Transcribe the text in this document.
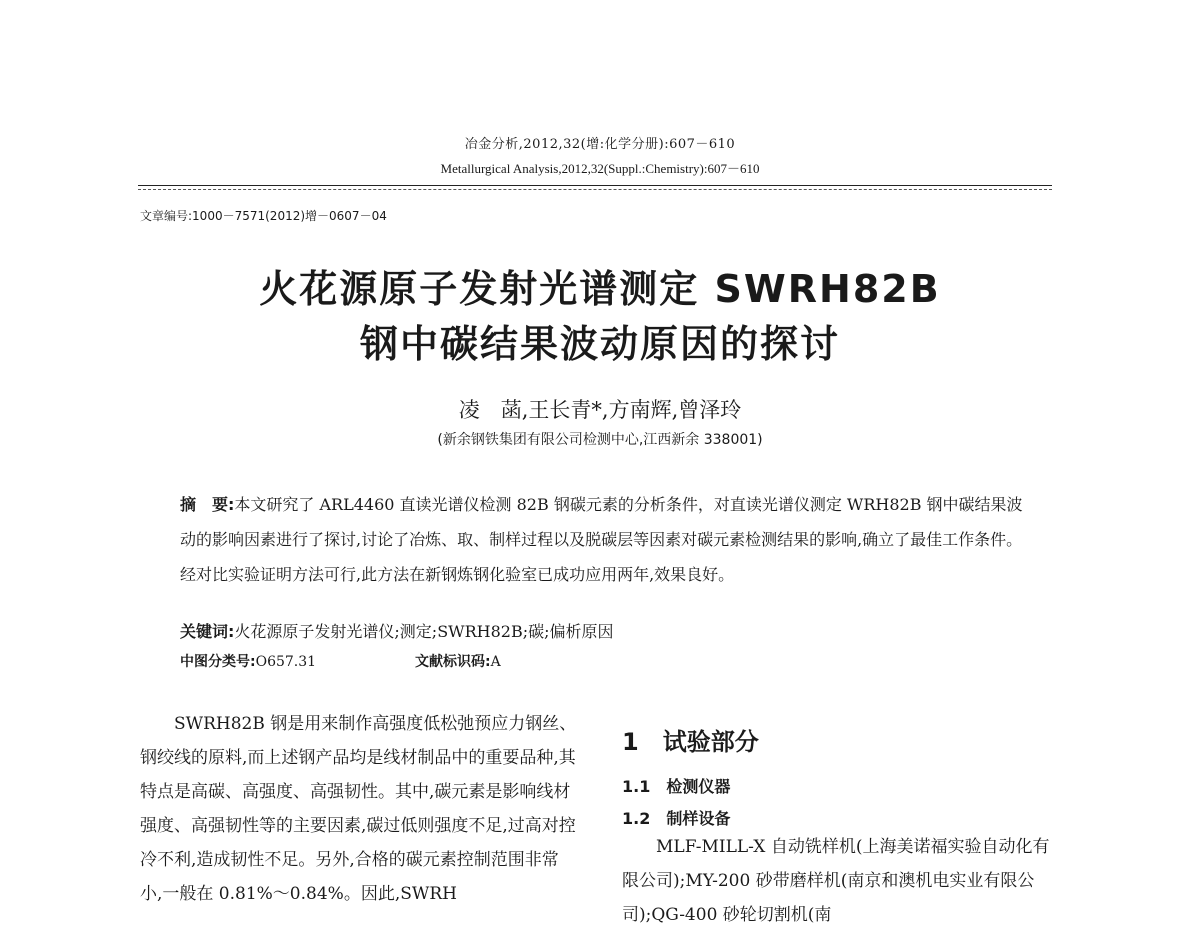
冶金分析,2012,32(增:化学分册):607－610
Metallurgical Analysis,2012,32(Suppl.:Chemistry):607－610
文章编号:1000－7571(2012)增－0607－04
火花源原子发射光谱测定 SWRH82B
钢中碳结果波动原因的探讨
凌　菡,王长青*,方南辉,曾泽玲
(新余钢铁集团有限公司检测中心,江西新余 338001)

摘　要:本文研究了 ARL4460 直读光谱仪检测 82B 钢碳元素的分析条件，对直读光谱仪测定 WRH82B 钢中碳结果波动的影响因素进行了探讨,讨论了冶炼、取、制样过程以及脱碳层等因素对碳元素检测结果的影响,确立了最佳工作条件。经对比实验证明方法可行,此方法在新钢炼钢化验室已成功应用两年,效果良好。

关键词:火花源原子发射光谱仪;测定;SWRH82B;碳;偏析原因
中图分类号:O657.31	文献标识码:A

SWRH82B 钢是用来制作高强度低松弛预应力钢丝、钢绞线的原料,而上述钢产品均是线材制品中的重要品种,其特点是高碳、高强度、高强韧性。其中,碳元素是影响线材强度、高强韧性等的主要因素,碳过低则强度不足,过高对控冷不利,造成韧性不足。另外,合格的碳元素控制范围非常小,一般在 0.81%～0.84%。因此,SWRH

1　试验部分
1.1　检测仪器
1.2　制样设备

MLF-MILL-X 自动铣样机(上海美诺福实验自动化有限公司);MY-200 砂带磨样机(南京和澳机电实业有限公司);QG-400 砂轮切割机(南
